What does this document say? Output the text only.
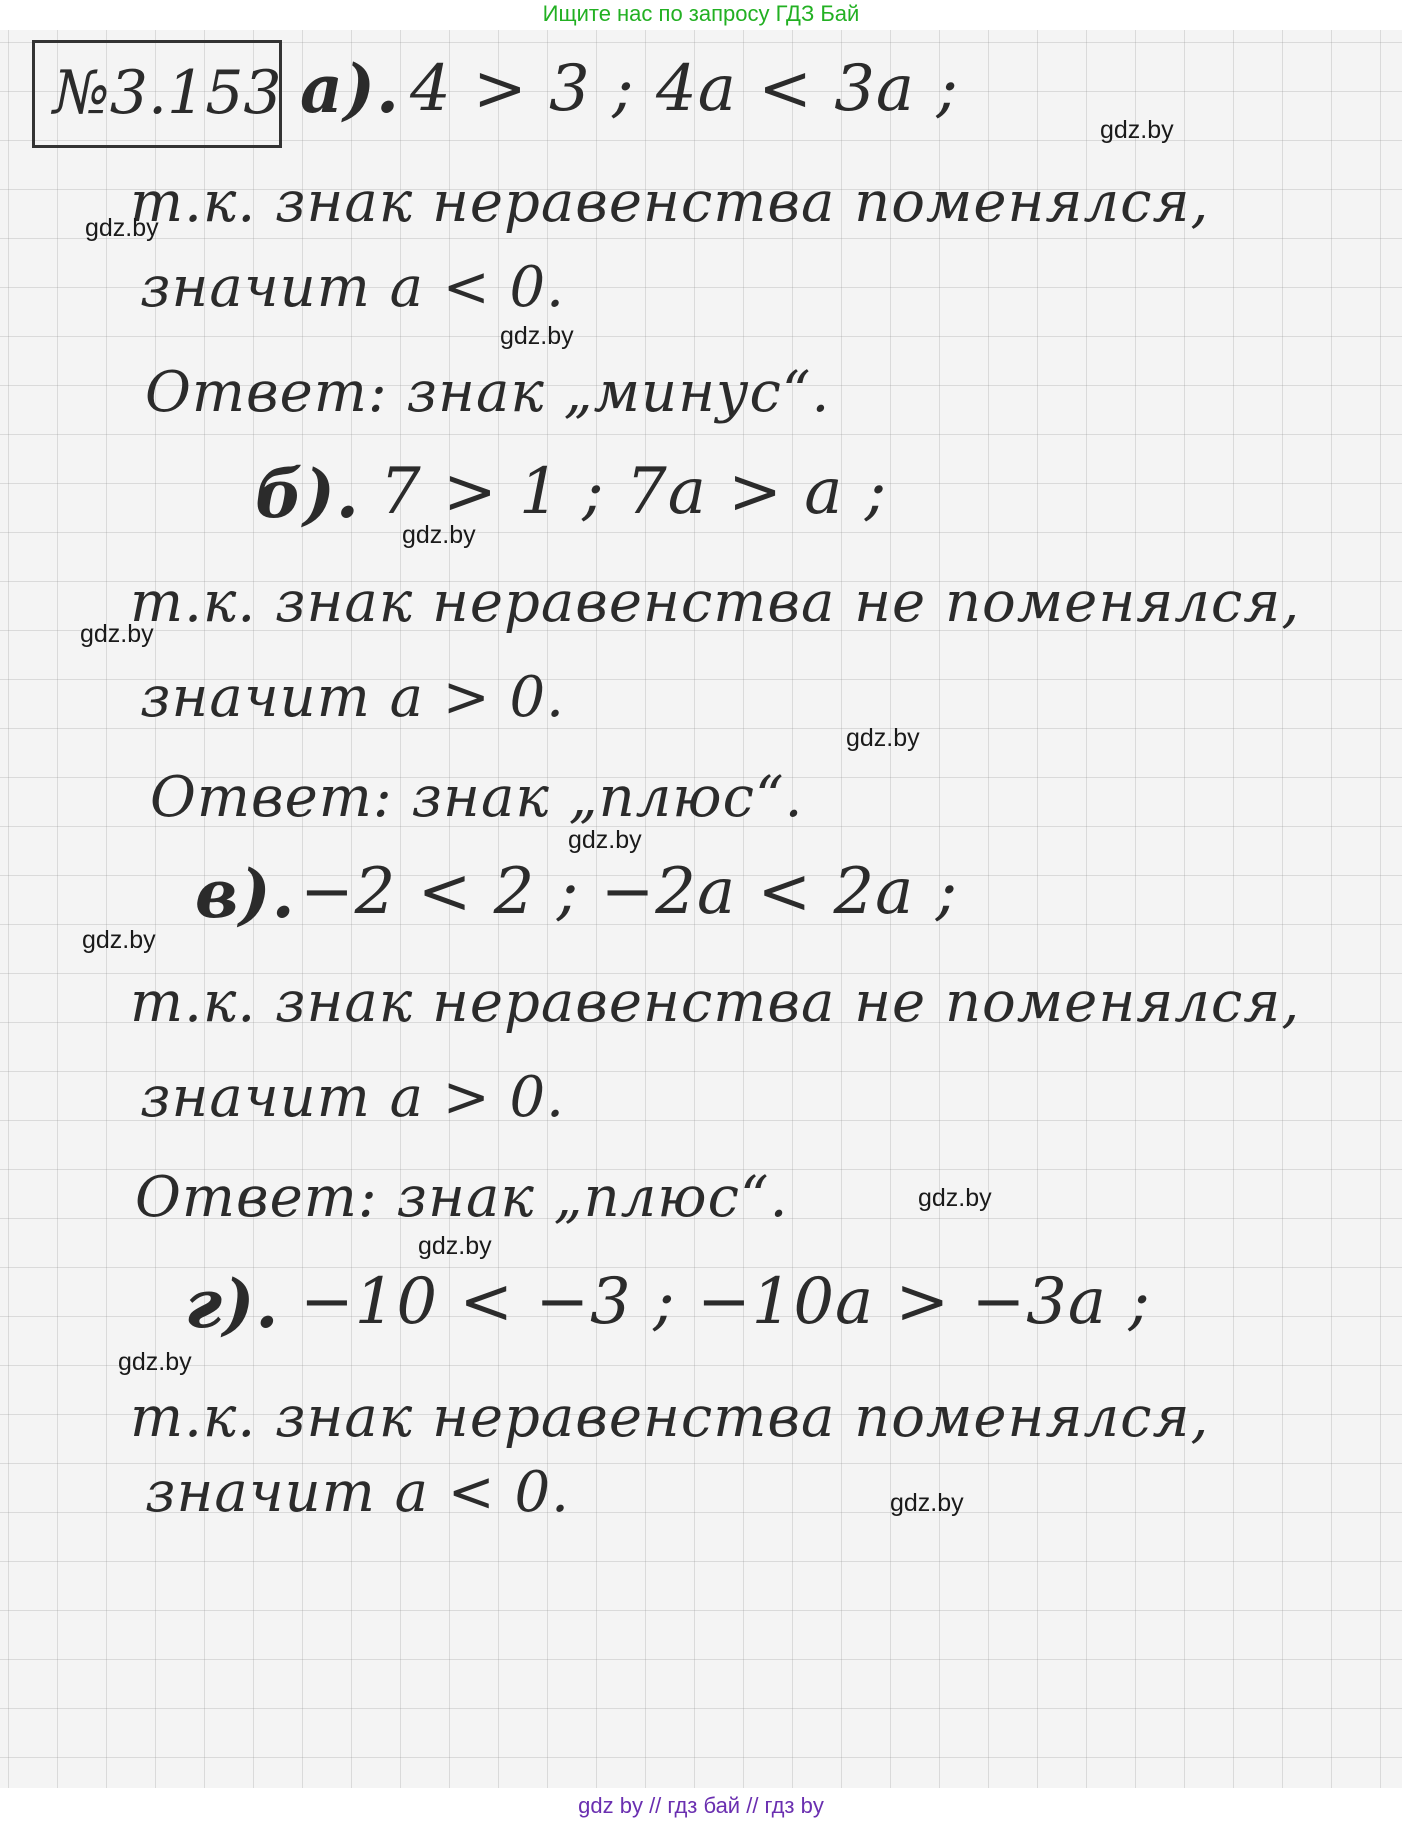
Ищите нас по запросу ГДЗ Бай
№3.153 а). 4 > 3 ; 4a < 3a ;
т.к. знак неравенства поменялся,
значит a < 0.
Ответ: знак „минус“.
б). 7 > 1 ; 7a > a ;
т.к. знак неравенства не поменялся,
значит a > 0.
Ответ: знак „плюс“.
в). −2 < 2 ; −2a < 2a ;
т.к. знак неравенства не поменялся,
значит a > 0.
Ответ: знак „плюс“.
г). −10 < −3 ; −10a > −3a ;
т.к. знак неравенства поменялся,
значит a < 0.
gdz.by
gdz.by
gdz.by
gdz.by
gdz.by
gdz.by
gdz.by
gdz.by
gdz.by
gdz.by
gdz.by
gdz.by
gdz by // гдз бай // гдз by
